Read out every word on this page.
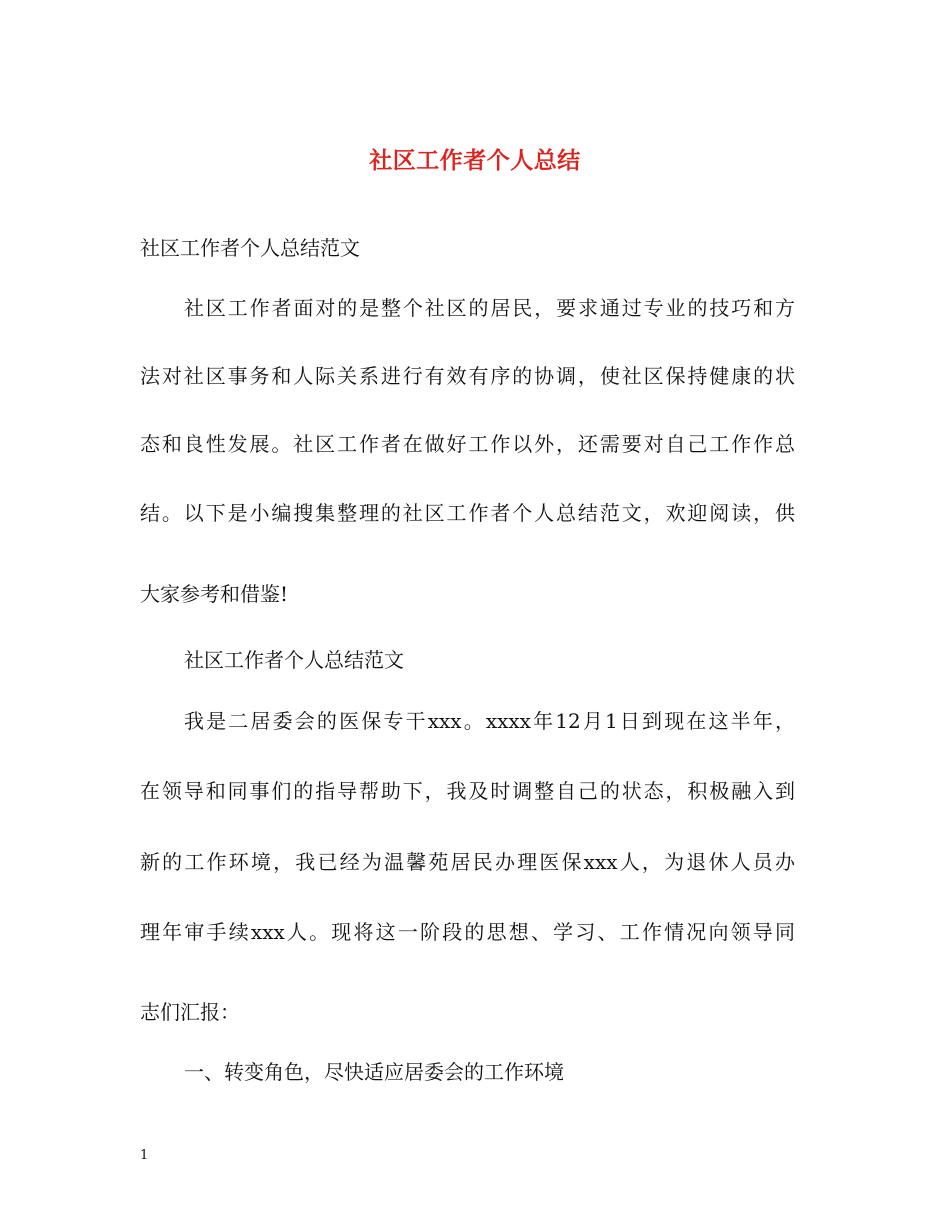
社区工作者个人总结
社区工作者个人总结范文
社区工作者面对的是整个社区的居民，要求通过专业的技巧和方
法对社区事务和人际关系进行有效有序的协调，使社区保持健康的状
态和良性发展。社区工作者在做好工作以外，还需要对自己工作作总
结。以下是小编搜集整理的社区工作者个人总结范文，欢迎阅读，供
大家参考和借鉴!
社区工作者个人总结范文
我是二居委会的医保专干xxx。xxxx年12月1日到现在这半年，
在领导和同事们的指导帮助下，我及时调整自己的状态，积极融入到
新的工作环境，我已经为温馨苑居民办理医保xxx人，为退休人员办
理年审手续xxx人。现将这一阶段的思想、学习、工作情况向领导同
志们汇报：
一、转变角色，尽快适应居委会的工作环境
1
